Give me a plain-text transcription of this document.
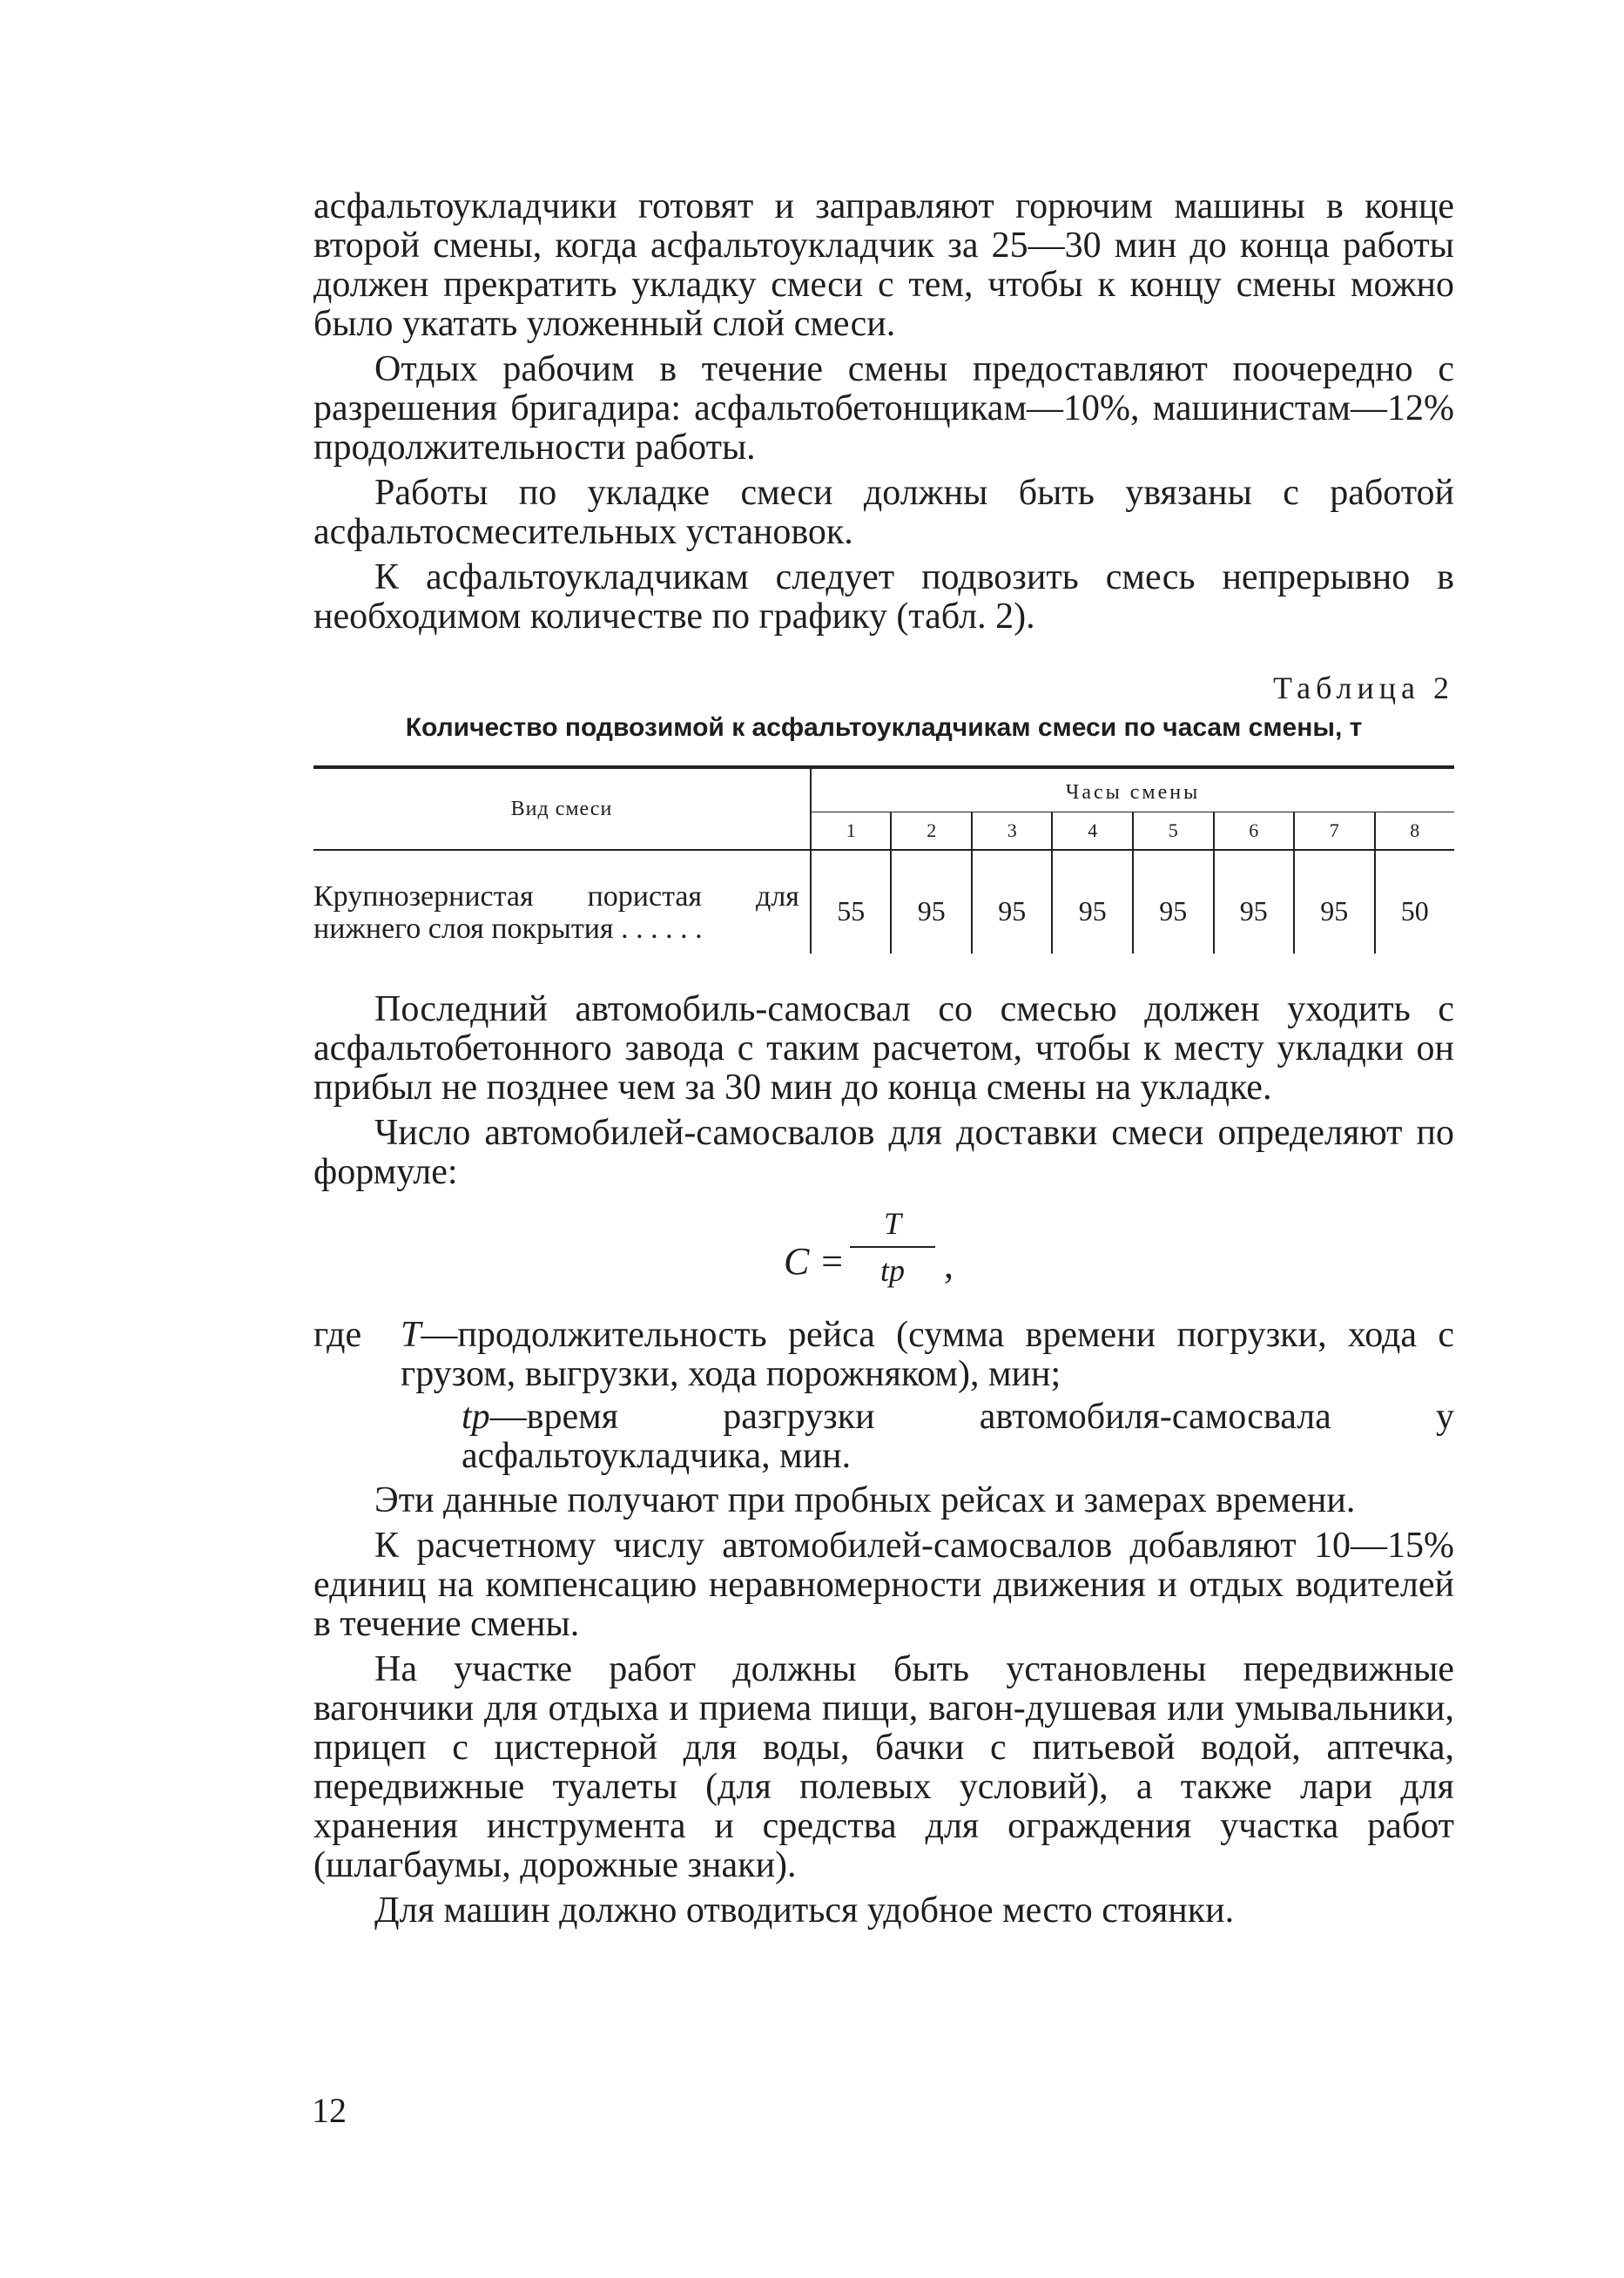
асфальтоукладчики готовят и заправляют горючим машины в конце второй смены, когда асфальтоукладчик за 25—30 мин до конца работы должен прекратить укладку смеси с тем, чтобы к концу смены можно было укатать уложенный слой смеси.

Отдых рабочим в течение смены предоставляют поочередно с разрешения бригадира: асфальтобетонщикам—10%, машинистам—12% продолжительности работы.

Работы по укладке смеси должны быть увязаны с работой асфальтосмесительных установок.

К асфальтоукладчикам следует подвозить смесь непрерывно в необходимом количестве по графику (табл. 2).

Таблица 2
Количество подвозимой к асфальтоукладчикам смеси по часам смены, т
Вид смеси	Часы смены							
	1	2	3	4	5	6	7	8
Крупнозернистая пористая для нижнего слоя покрытия . . . . . .	55	95	95	95	95	95	95	50

Последний автомобиль-самосвал со смесью должен уходить с асфальтобетонного завода с таким расчетом, чтобы к месту укладки он прибыл не позднее чем за 30 мин до конца смены на укладке.

Число автомобилей-самосвалов для доставки смеси определяют по формуле:

C =
T
tр	,
где	T—продолжительность рейса (сумма времени погрузки, хода с грузом, выгрузки, хода порожняком), мин;
tр—время разгрузки автомобиля-самосвала у асфальтоукладчика, мин.

Эти данные получают при пробных рейсах и замерах времени.

К расчетному числу автомобилей-самосвалов добавляют 10—15% единиц на компенсацию неравномерности движения и отдых водителей в течение смены.

На участке работ должны быть установлены передвижные вагончики для отдыха и приема пищи, вагон-душевая или умывальники, прицеп с цистерной для воды, бачки с питьевой водой, аптечка, передвижные туалеты (для полевых условий), а также лари для хранения инструмента и средства для ограждения участка работ (шлагбаумы, дорожные знаки).

Для машин должно отводиться удобное место стоянки.

12
